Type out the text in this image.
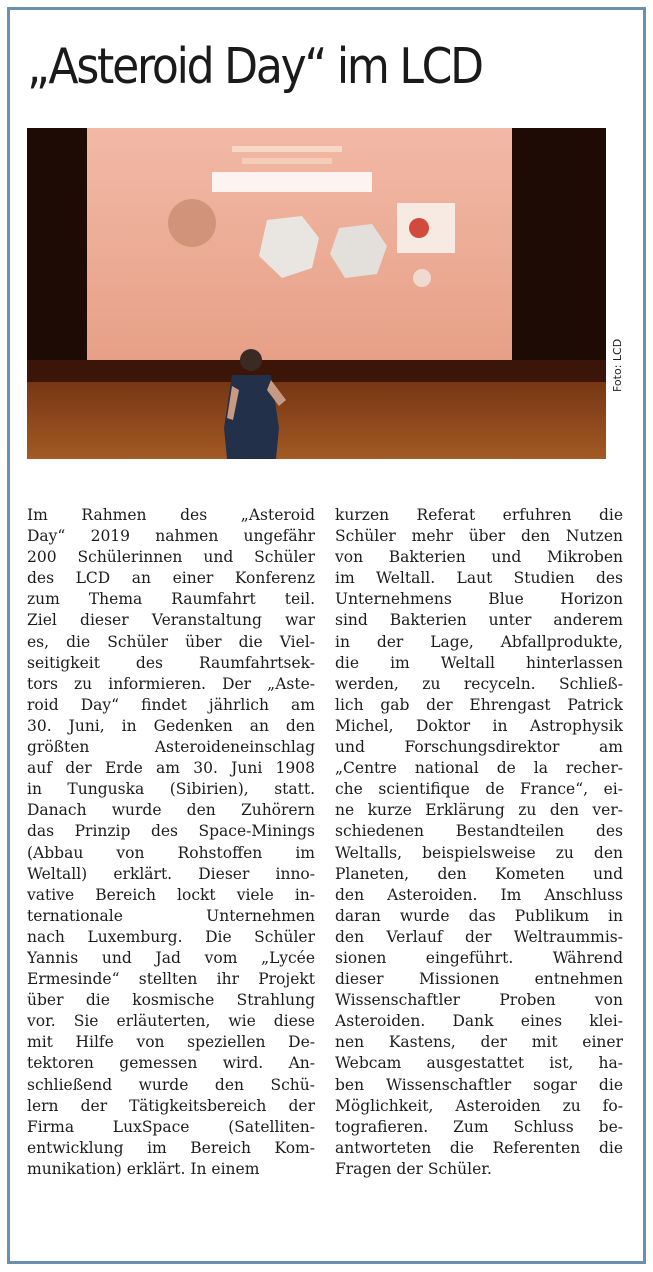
„Asteroid Day“ im LCD
Foto: LCD
Im Rahmen des „Asteroid
Day“ 2019 nahmen ungefähr
200 Schülerinnen und Schüler
des LCD an einer Konferenz
zum Thema Raumfahrt teil.
Ziel dieser Veranstaltung war
es, die Schüler über die Viel-
seitigkeit des Raumfahrtsek-
tors zu informieren. Der „Aste-
roid Day“ findet jährlich am
30. Juni, in Gedenken an den
größten Asteroideneinschlag
auf der Erde am 30. Juni 1908
in Tunguska (Sibirien), statt.
Danach wurde den Zuhörern
das Prinzip des Space-Minings
(Abbau von Rohstoffen im
Weltall) erklärt. Dieser inno-
vative Bereich lockt viele in-
ternationale Unternehmen
nach Luxemburg. Die Schüler
Yannis und Jad vom „Lycée
Ermesinde“ stellten ihr Projekt
über die kosmische Strahlung
vor. Sie erläuterten, wie diese
mit Hilfe von speziellen De-
tektoren gemessen wird. An-
schließend wurde den Schü-
lern der Tätigkeitsbereich der
Firma LuxSpace (Satelliten-
entwicklung im Bereich Kom-
munikation) erklärt. In einem
kurzen Referat erfuhren die
Schüler mehr über den Nutzen
von Bakterien und Mikroben
im Weltall. Laut Studien des
Unternehmens Blue Horizon
sind Bakterien unter anderem
in der Lage, Abfallprodukte,
die im Weltall hinterlassen
werden, zu recyceln. Schließ-
lich gab der Ehrengast Patrick
Michel, Doktor in Astrophysik
und Forschungsdirektor am
„Centre national de la recher-
che scientifique de France“, ei-
ne kurze Erklärung zu den ver-
schiedenen Bestandteilen des
Weltalls, beispielsweise zu den
Planeten, den Kometen und
den Asteroiden. Im Anschluss
daran wurde das Publikum in
den Verlauf der Weltraummis-
sionen eingeführt. Während
dieser Missionen entnehmen
Wissenschaftler Proben von
Asteroiden. Dank eines klei-
nen Kastens, der mit einer
Webcam ausgestattet ist, ha-
ben Wissenschaftler sogar die
Möglichkeit, Asteroiden zu fo-
tografieren. Zum Schluss be-
antworteten die Referenten die
Fragen der Schüler.
